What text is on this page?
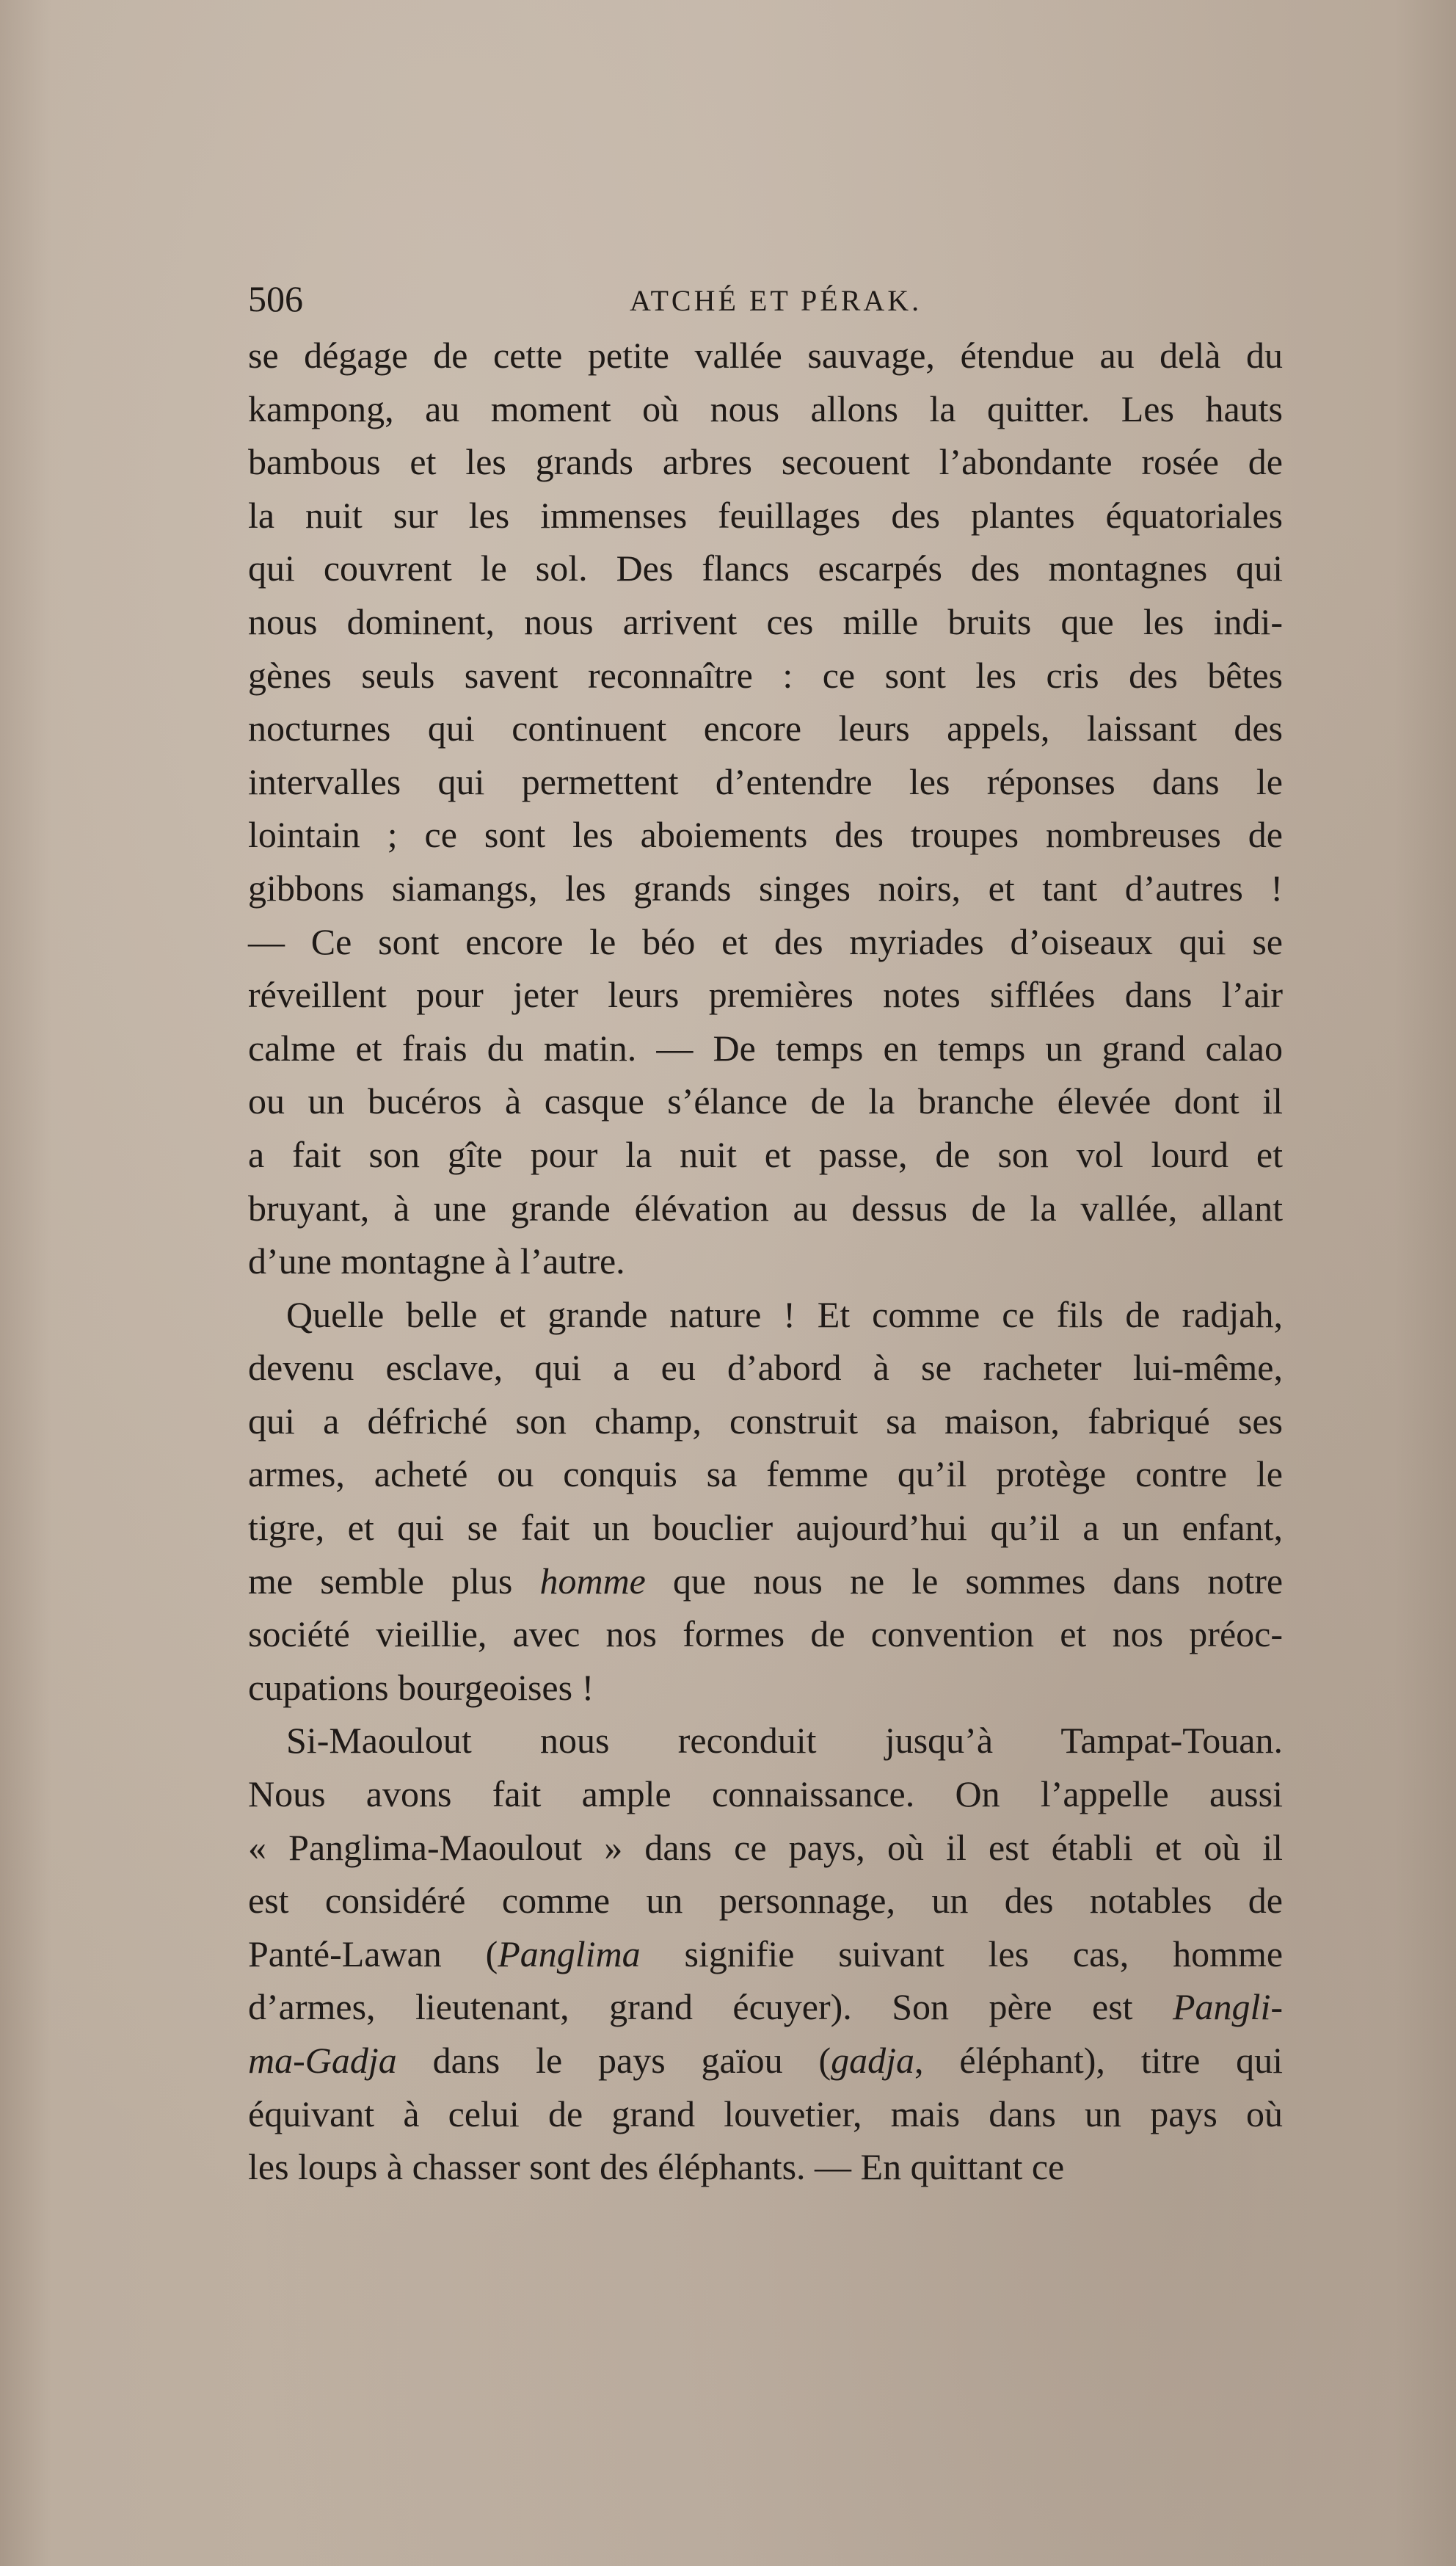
506	ATCHÉ ET PÉRAK.
se dégage de cette petite vallée sauvage, étendue au delà du
kampong, au moment où nous allons la quitter. Les hauts
bambous et les grands arbres secouent l’abondante rosée de
la nuit sur les immenses feuillages des plantes équatoriales
qui couvrent le sol. Des flancs escarpés des montagnes qui
nous dominent, nous arrivent ces mille bruits que les indi-
gènes seuls savent reconnaître : ce sont les cris des bêtes
nocturnes qui continuent encore leurs appels, laissant des
intervalles qui permettent d’entendre les réponses dans le
lointain ; ce sont les aboiements des troupes nombreuses de
gibbons siamangs, les grands singes noirs, et tant d’autres !
— Ce sont encore le béo et des myriades d’oiseaux qui se
réveillent pour jeter leurs premières notes sifflées dans l’air
calme et frais du matin. — De temps en temps un grand calao
ou un bucéros à casque s’élance de la branche élevée dont il
a fait son gîte pour la nuit et passe, de son vol lourd et
bruyant, à une grande élévation au dessus de la vallée, allant
d’une montagne à l’autre.
Quelle belle et grande nature ! Et comme ce fils de radjah,
devenu esclave, qui a eu d’abord à se racheter lui-même,
qui a défriché son champ, construit sa maison, fabriqué ses
armes, acheté ou conquis sa femme qu’il protège contre le
tigre, et qui se fait un bouclier aujourd’hui qu’il a un enfant,
me semble plus homme que nous ne le sommes dans notre
société vieillie, avec nos formes de convention et nos préoc-
cupations bourgeoises !
Si-Maoulout nous reconduit jusqu’à Tampat-Touan.
Nous avons fait ample connaissance. On l’appelle aussi
« Panglima-Maoulout » dans ce pays, où il est établi et où il
est considéré comme un personnage, un des notables de
Panté-Lawan (Panglima signifie suivant les cas, homme
d’armes, lieutenant, grand écuyer). Son père est Pangli-
ma-Gadja dans le pays gaïou (gadja, éléphant), titre qui
équivant à celui de grand louvetier, mais dans un pays où
les loups à chasser sont des éléphants. — En quittant ce
